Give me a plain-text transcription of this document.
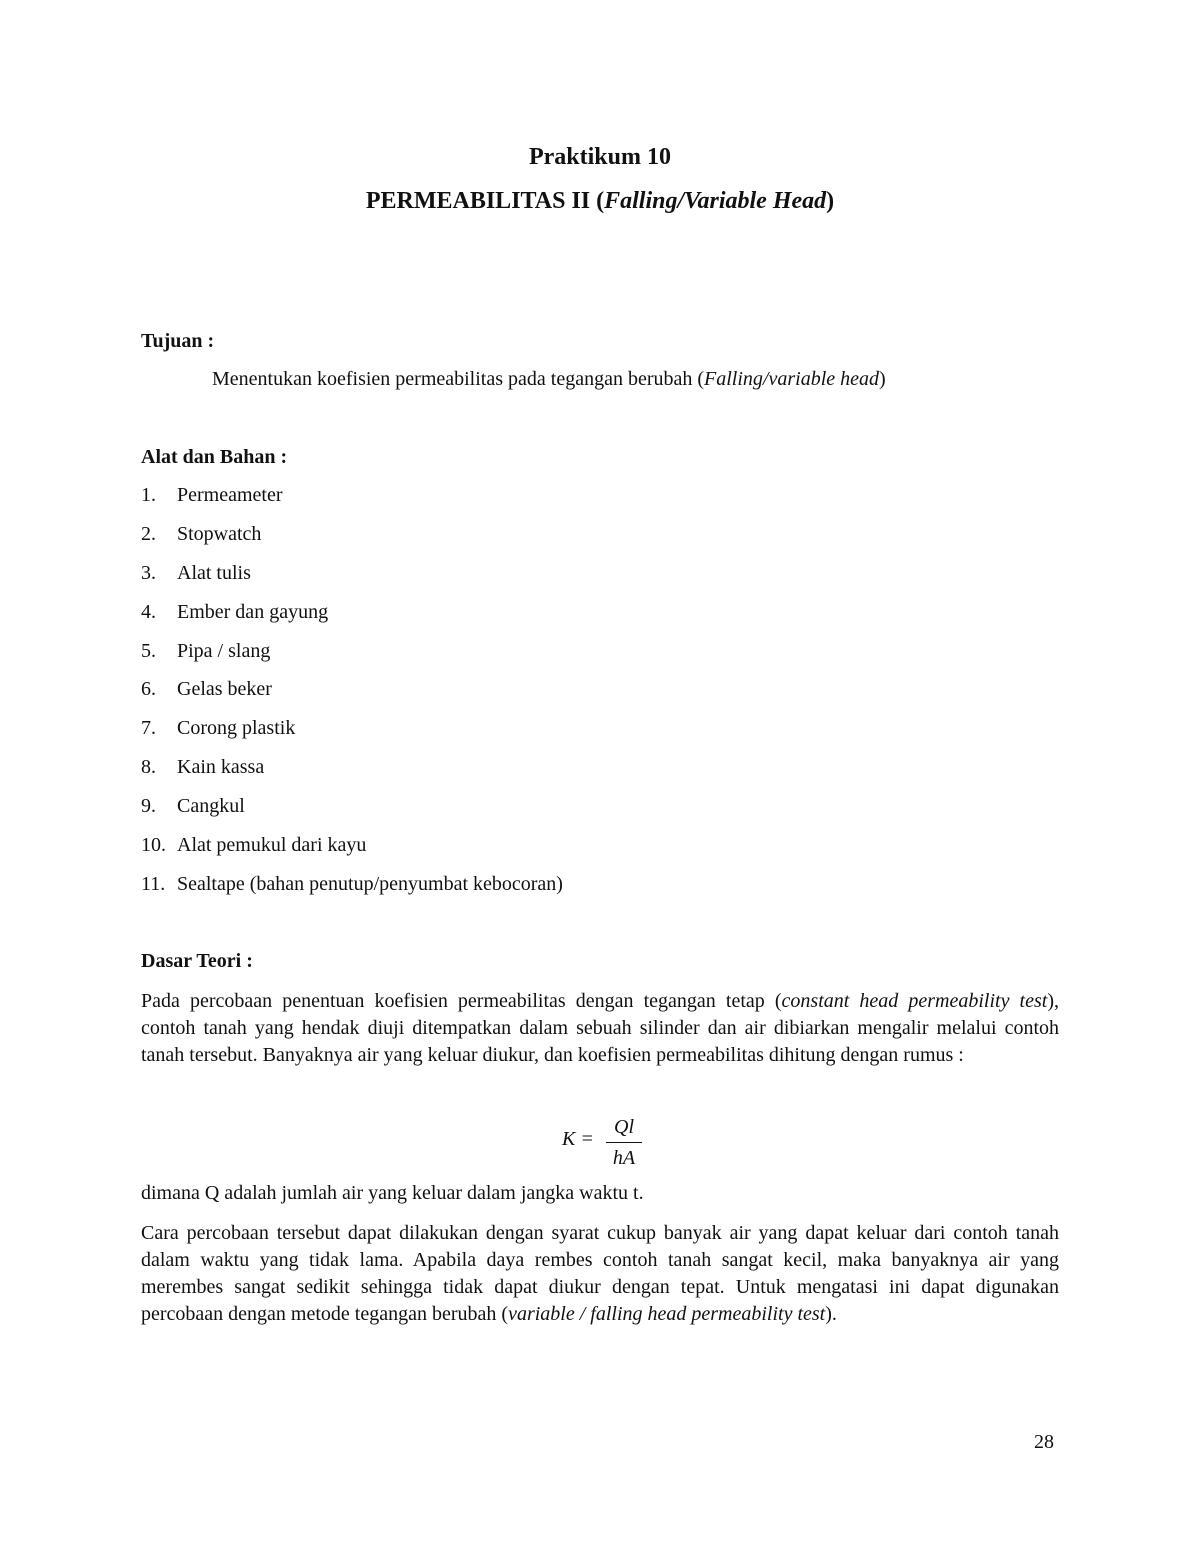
Praktikum 10
PERMEABILITAS II (Falling/Variable Head)
Tujuan :
Menentukan koefisien permeabilitas pada tegangan berubah (Falling/variable head)
Alat dan Bahan :
1. Permeameter
2. Stopwatch
3. Alat tulis
4. Ember dan gayung
5. Pipa / slang
6. Gelas beker
7. Corong plastik
8. Kain kassa
9. Cangkul
10. Alat pemukul dari kayu
11. Sealtape (bahan penutup/penyumbat kebocoran)
Dasar Teori :
Pada percobaan penentuan koefisien permeabilitas dengan tegangan tetap (constant head permeability test), contoh tanah yang hendak diuji ditempatkan dalam sebuah silinder dan air dibiarkan mengalir melalui contoh tanah tersebut. Banyaknya air yang keluar diukur, dan koefisien permeabilitas dihitung dengan rumus :
K =
Ql
hA
dimana Q adalah jumlah air yang keluar dalam jangka waktu t.
Cara percobaan tersebut dapat dilakukan dengan syarat cukup banyak air yang dapat keluar dari contoh tanah dalam waktu yang tidak lama. Apabila daya rembes contoh tanah sangat kecil, maka banyaknya air yang merembes sangat sedikit sehingga tidak dapat diukur dengan tepat. Untuk mengatasi ini dapat digunakan percobaan dengan metode tegangan berubah (variable / falling head permeability test).
28
